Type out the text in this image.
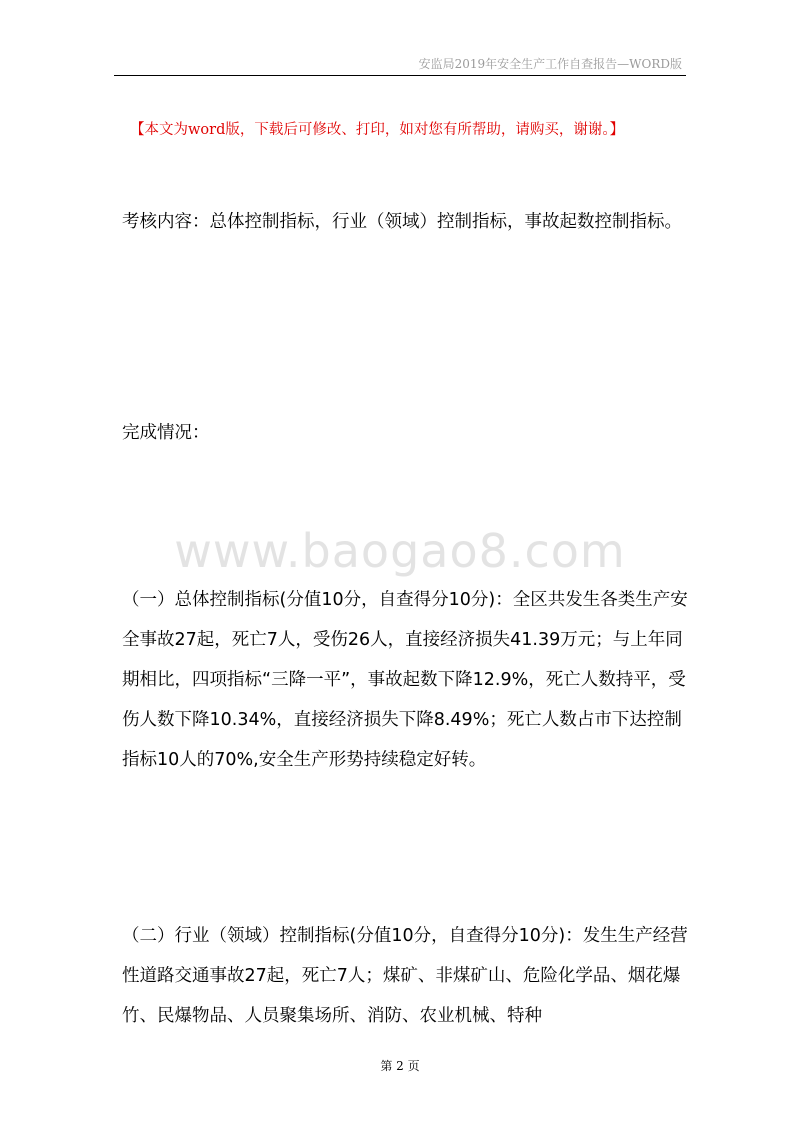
安监局2019年安全生产工作自查报告—WORD版
【本文为word版，下载后可修改、打印，如对您有所帮助，请购买，谢谢。】

考核内容：总体控制指标，行业（领域）控制指标，事故起数控制指标。

完成情况：

www.baogao8.com

（一）总体控制指标(分值10分，自查得分10分)：全区共发生各类生产安全事故27起，死亡7人，受伤26人，直接经济损失41.39万元；与上年同期相比，四项指标“三降一平”，事故起数下降12.9%，死亡人数持平，受伤人数下降10.34%，直接经济损失下降8.49%；死亡人数占市下达控制指标10人的70%,安全生产形势持续稳定好转。

（二）行业（领域）控制指标(分值10分，自查得分10分)：发生生产经营性道路交通事故27起，死亡7人；煤矿、非煤矿山、危险化学品、烟花爆竹、民爆物品、人员聚集场所、消防、农业机械、特种

第 2 页
